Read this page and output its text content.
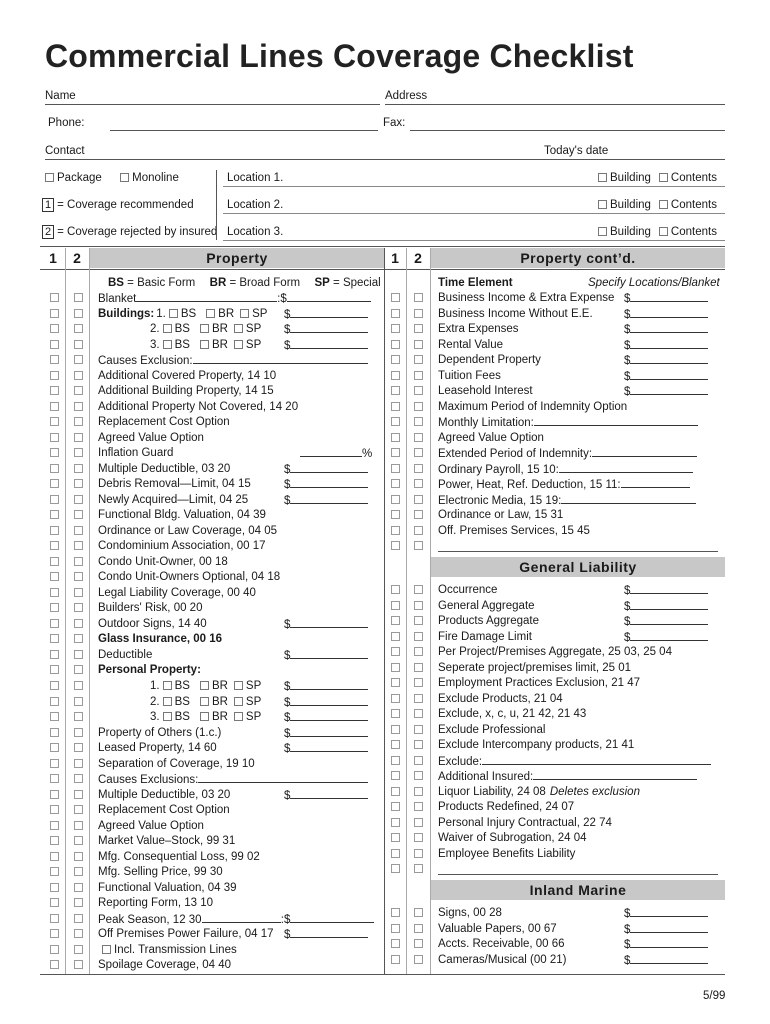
Commercial Lines Coverage Checklist
Name	Address
Phone:	Fax:
Contact	Today's date
Package	Monoline
1 = Coverage recommended
2 = Coverage rejected by insured
Location 1.	Building Contents
Location 2.	Building Contents
Location 3.	Building Contents
1	2	Property	1	2	Property cont’d.
BS = Basic Form BR = Broad Form SP = Special	Time Element	Specify Locations/Blanket
General Liability
Inland Marine
Blanket	:$
Buildings: 1. BS BR SP $
2. BS BR SP $
3. BS BR SP $
Causes Exclusion:
Additional Covered Property, 14 10
Additional Building Property, 14 15
Additional Property Not Covered, 14 20
Replacement Cost Option
Agreed Value Option
Inflation Guard	%
Multiple Deductible, 03 20	$
Debris Removal—Limit, 04 15	$
Newly Acquired—Limit, 04 25	$
Functional Bldg. Valuation, 04 39
Ordinance or Law Coverage, 04 05
Condominium Association, 00 17
Condo Unit-Owner, 00 18
Condo Unit-Owners Optional, 04 18
Legal Liability Coverage, 00 40
Builders' Risk, 00 20
Outdoor Signs, 14 40	$
Glass Insurance, 00 16
Deductible	$
Personal Property:
1. BS BR SP $
2. BS BR SP $
3. BS BR SP $
Property of Others (1.c.)	$
Leased Property, 14 60	$
Separation of Coverage, 19 10
Causes Exclusions:
Multiple Deductible, 03 20	$
Replacement Cost Option
Agreed Value Option
Market Value–Stock, 99 31
Mfg. Consequential Loss, 99 02
Mfg. Selling Price, 99 30
Functional Valuation, 04 39
Reporting Form, 13 10
Peak Season, 12 30	:$
Off Premises Power Failure, 04 17 $
Incl. Transmission Lines
Spoilage Coverage, 04 40
Business Income & Extra Expense $
Business Income Without E.E.	$
Extra Expenses	$
Rental Value	$
Dependent Property	$
Tuition Fees	$
Leasehold Interest	$
Maximum Period of Indemnity Option
Monthly Limitation:
Agreed Value Option
Extended Period of Indemnity:
Ordinary Payroll, 15 10:
Power, Heat, Ref. Deduction, 15 11:
Electronic Media, 15 19:
Ordinance or Law, 15 31
Off. Premises Services, 15 45
Occurrence	$
General Aggregate	$
Products Aggregate	$
Fire Damage Limit	$
Per Project/Premises Aggregate, 25 03, 25 04
Seperate project/premises limit, 25 01
Employment Practices Exclusion, 21 47
Exclude Products, 21 04
Exclude, x, c, u, 21 42, 21 43
Exclude Professional
Exclude Intercompany products, 21 41
Exclude:
Additional Insured:
Liquor Liability, 24 08 Deletes exclusion
Products Redefined, 24 07
Personal Injury Contractual, 22 74
Waiver of Subrogation, 24 04
Employee Benefits Liability
Signs, 00 28	$
Valuable Papers, 00 67	$
Accts. Receivable, 00 66	$
Cameras/Musical (00 21)	$
5/99
